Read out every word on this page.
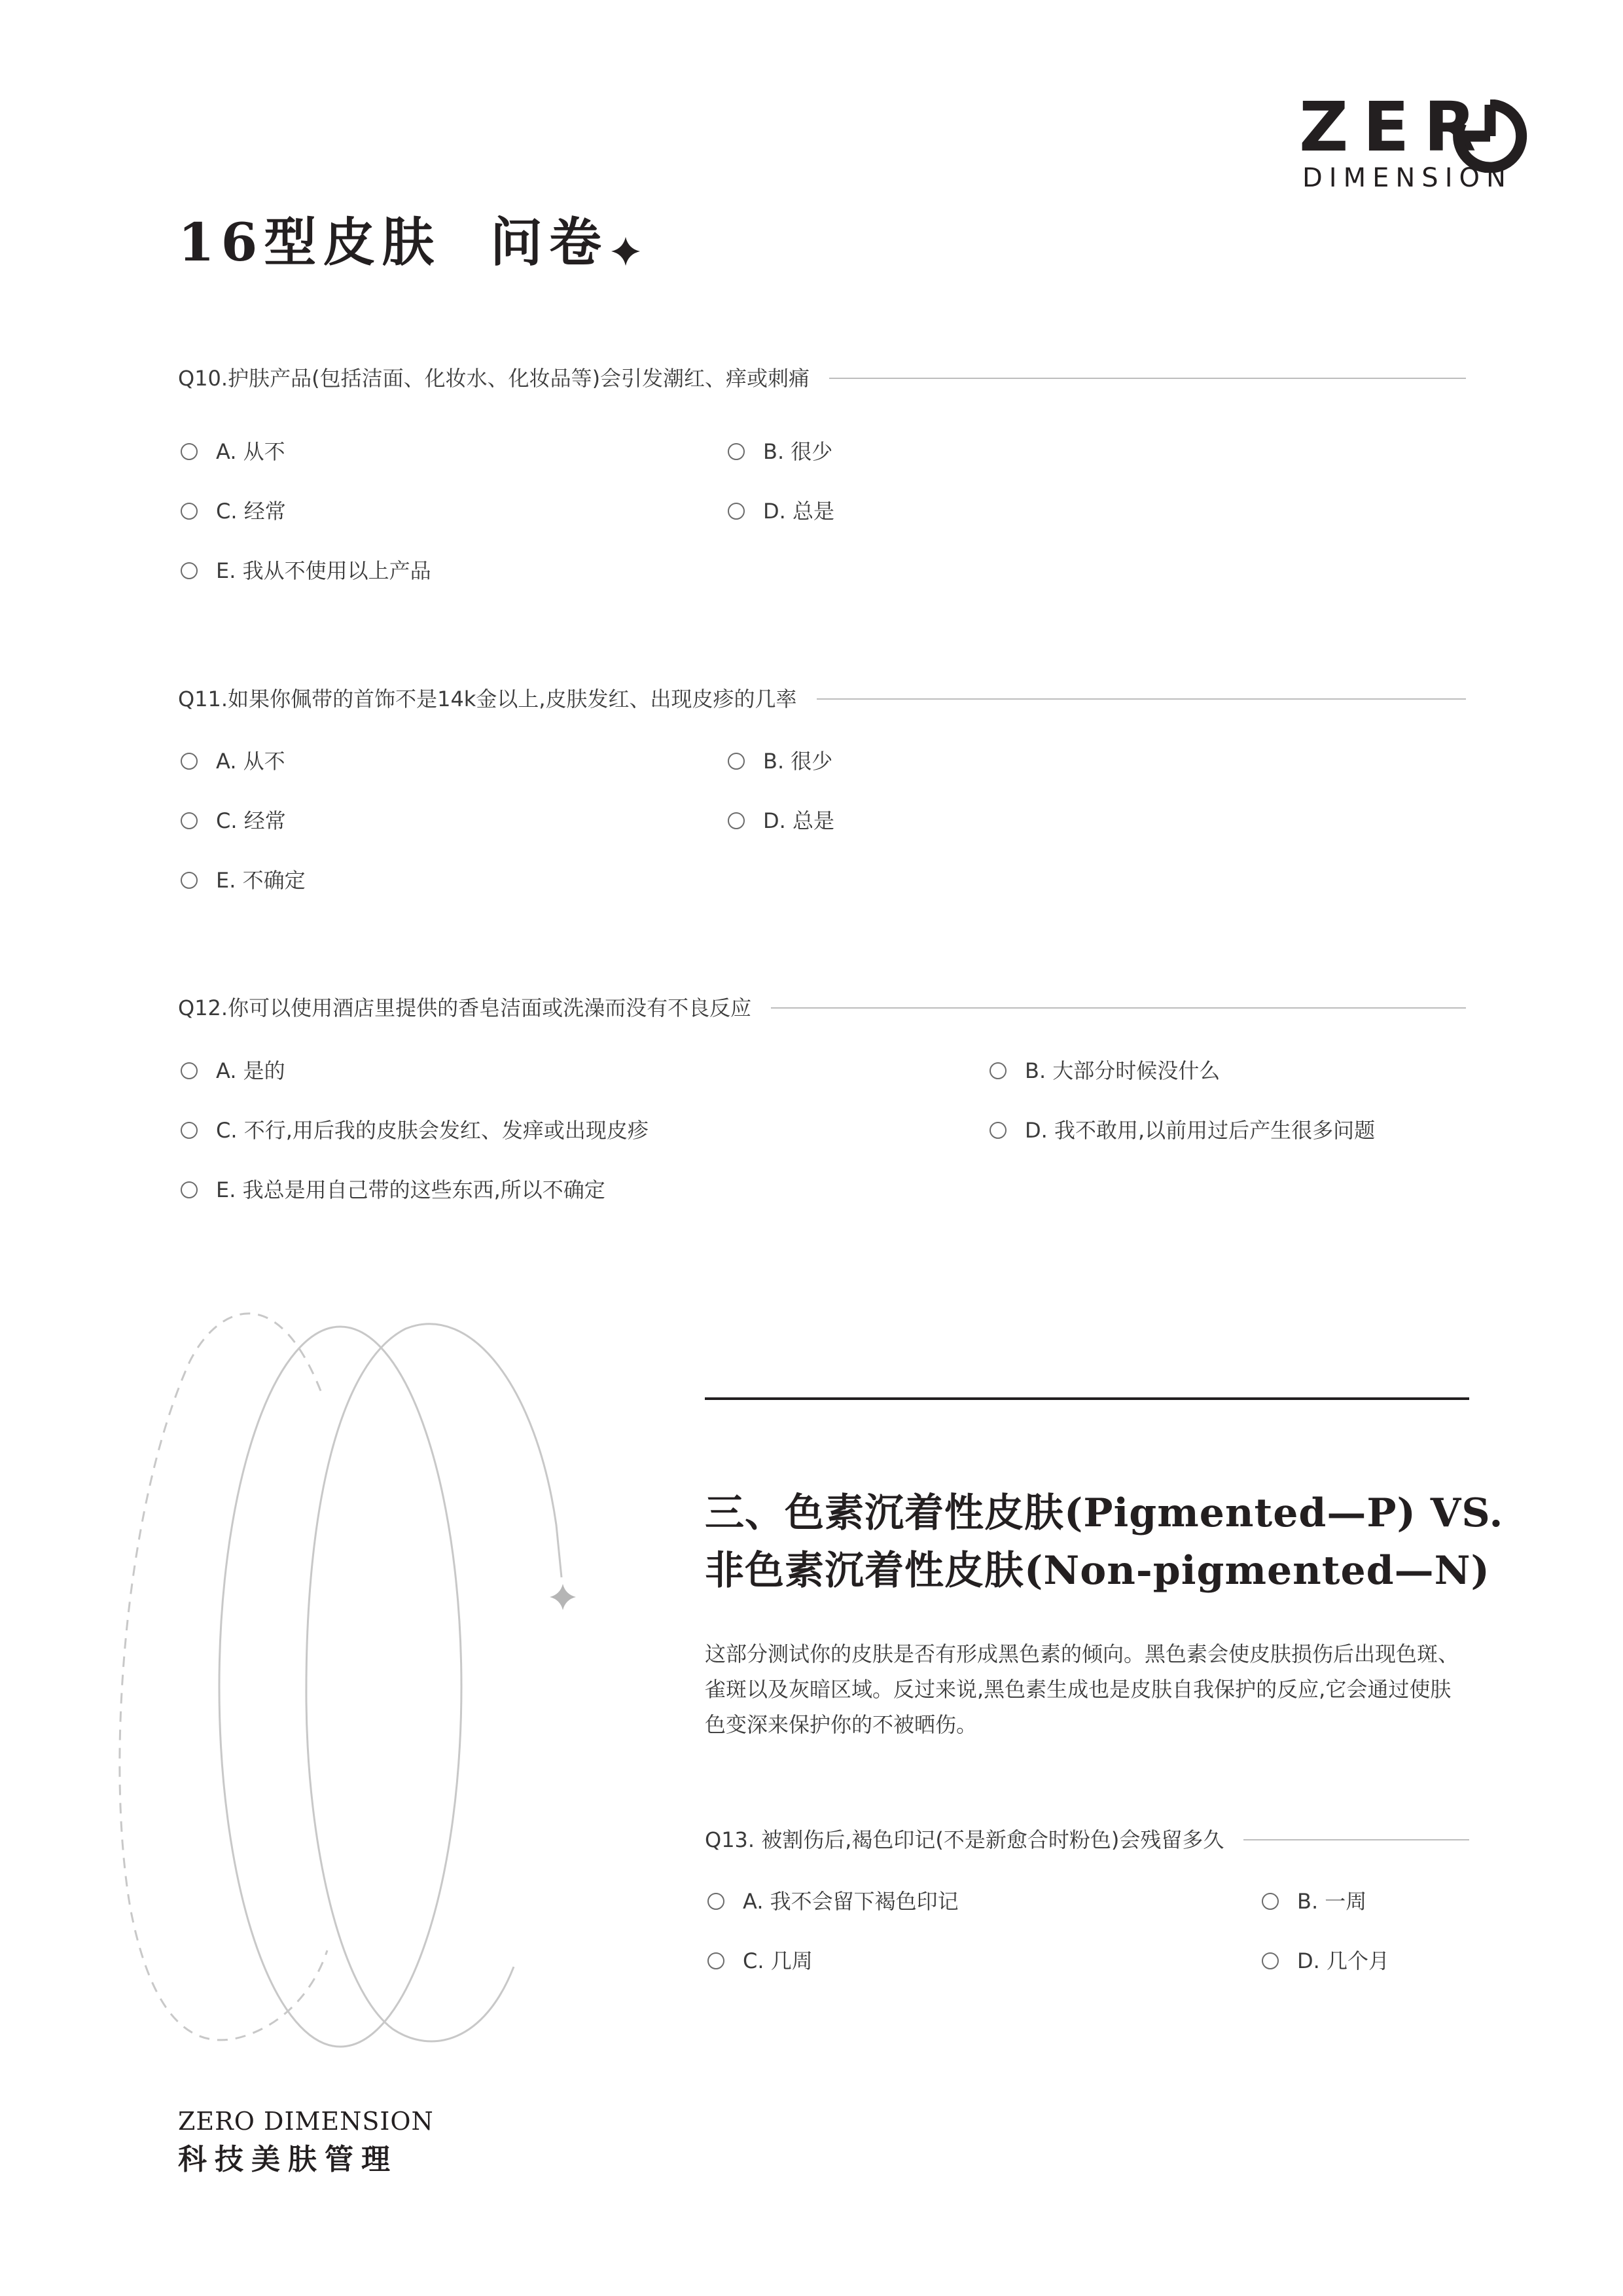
ZER
DIMENSION
16型皮肤  问卷
Q10.护肤产品(包括洁面、化妆水、化妆品等)会引发潮红、痒或刺痛
A. 从不	B. 很少
C. 经常	D. 总是
E. 我从不使用以上产品
Q11.如果你佩带的首饰不是14k金以上,皮肤发红、出现皮疹的几率
A. 从不	B. 很少
C. 经常	D. 总是
E. 不确定
Q12.你可以使用酒店里提供的香皂洁面或洗澡而没有不良反应
A. 是的	B. 大部分时候没什么
C. 不行,用后我的皮肤会发红、发痒或出现皮疹	D. 我不敢用,以前用过后产生很多问题
E. 我总是用自己带的这些东西,所以不确定
三、色素沉着性皮肤(Pigmented—P) VS.
非色素沉着性皮肤(Non-pigmented—N)
这部分测试你的皮肤是否有形成黑色素的倾向。黑色素会使皮肤损伤后出现色斑、雀斑以及灰暗区域。反过来说,黑色素生成也是皮肤自我保护的反应,它会通过使肤色变深来保护你的不被晒伤。
Q13. 被割伤后,褐色印记(不是新愈合时粉色)会残留多久
A. 我不会留下褐色印记	B. 一周
C. 几周	D. 几个月
ZERO DIMENSION
科技美肤管理
